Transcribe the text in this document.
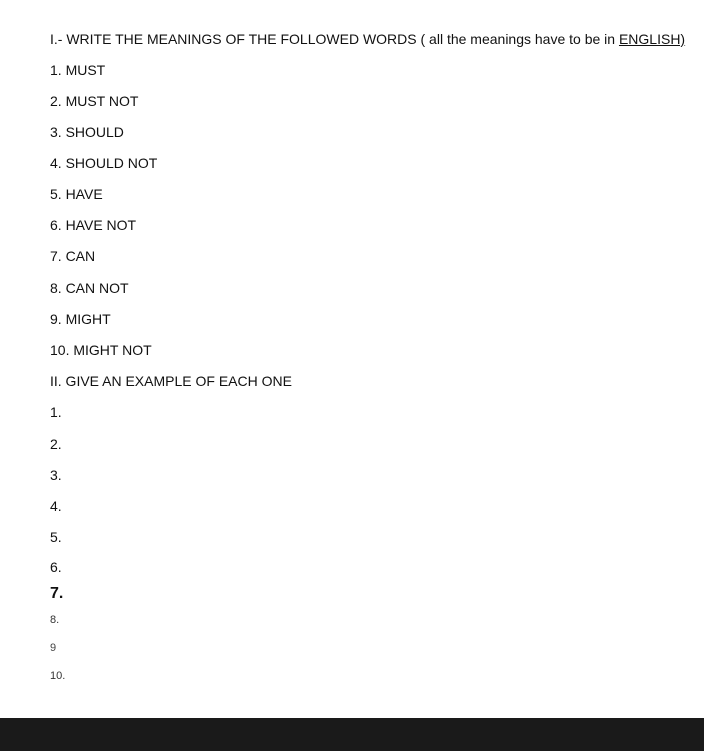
I.- WRITE THE MEANINGS OF THE FOLLOWED WORDS ( all the meanings have to be in ENGLISH)
1. MUST
2. MUST NOT
3. SHOULD
4. SHOULD NOT
5. HAVE
6. HAVE NOT
7. CAN
8. CAN NOT
9. MIGHT
10. MIGHT NOT
II. GIVE AN EXAMPLE OF EACH ONE
1.
2.
3.
4.
5.
6.
7.
8.
9
10.
